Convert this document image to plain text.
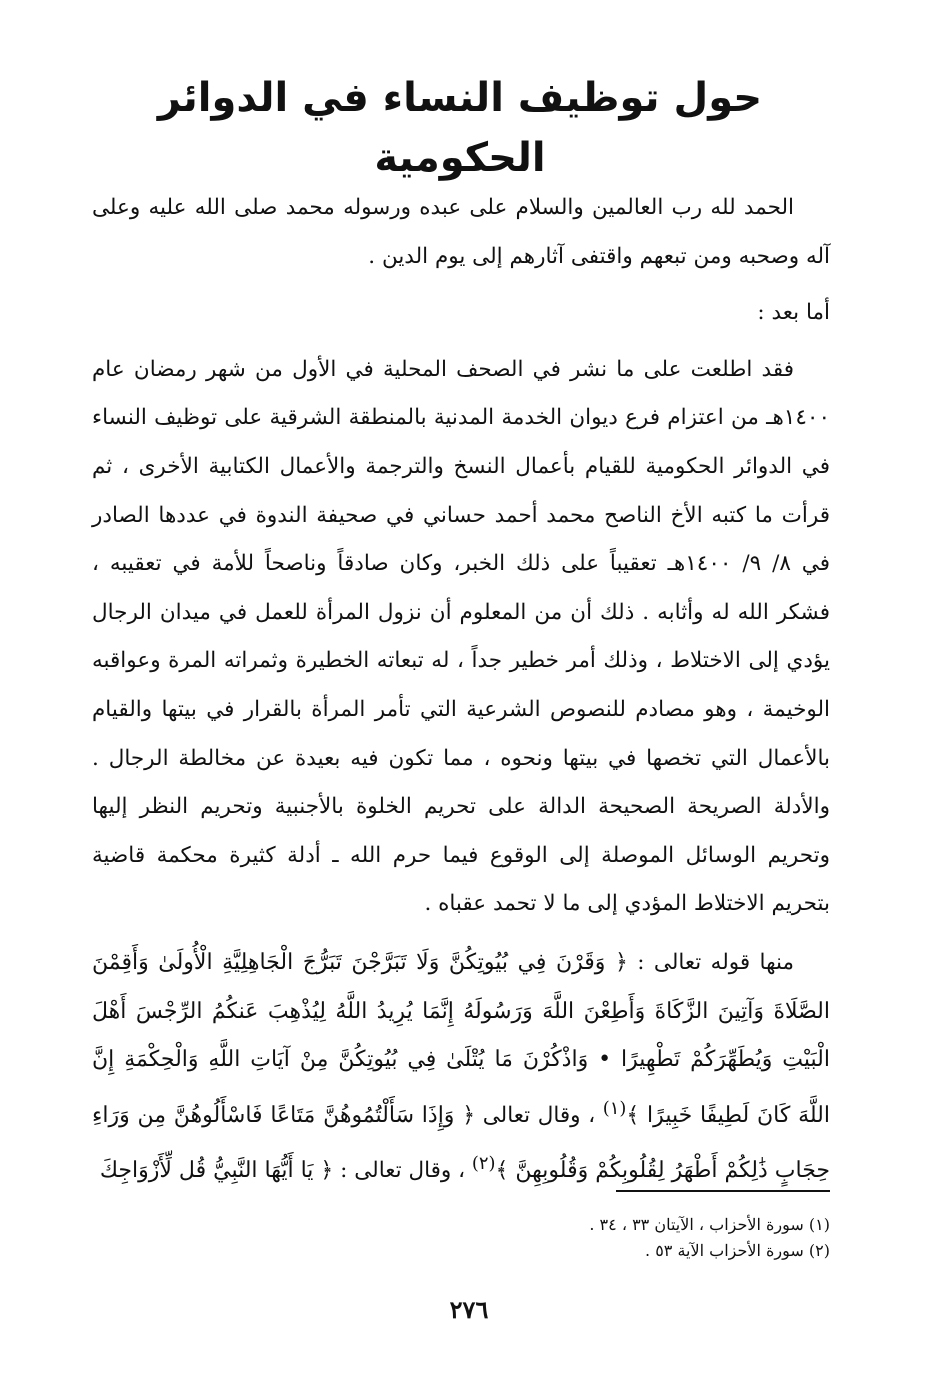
حول توظيف النساء في الدوائر الحكومية

الحمد لله رب العالمين والسلام على عبده ورسوله محمد صلى الله عليه وعلى آله وصحبه ومن تبعهم واقتفى آثارهم إلى يوم الدين .

أما بعد :

فقد اطلعت على ما نشر في الصحف المحلية في الأول من شهر رمضان عام ١٤٠٠هـ من اعتزام فرع ديوان الخدمة المدنية بالمنطقة الشرقية على توظيف النساء في الدوائر الحكومية للقيام بأعمال النسخ والترجمة والأعمال الكتابية الأخرى ، ثم قرأت ما كتبه الأخ الناصح محمد أحمد حساني في صحيفة الندوة في عددها الصادر في ٨/ ٩/ ١٤٠٠هـ تعقيباً على ذلك الخبر، وكان صادقاً وناصحاً للأمة في تعقيبه ، فشكر الله له وأثابه . ذلك أن من المعلوم أن نزول المرأة للعمل في ميدان الرجال يؤدي إلى الاختلاط ، وذلك أمر خطير جداً ، له تبعاته الخطيرة وثمراته المرة وعواقبه الوخيمة ، وهو مصادم للنصوص الشرعية التي تأمر المرأة بالقرار في بيتها والقيام بالأعمال التي تخصها في بيتها ونحوه ، مما تكون فيه بعيدة عن مخالطة الرجال . والأدلة الصريحة الصحيحة الدالة على تحريم الخلوة بالأجنبية وتحريم النظر إليها وتحريم الوسائل الموصلة إلى الوقوع فيما حرم الله ـ أدلة كثيرة محكمة قاضية بتحريم الاختلاط المؤدي إلى ما لا تحمد عقباه .

منها قوله تعالى : ﴿ وَقَرْنَ فِي بُيُوتِكُنَّ وَلَا تَبَرَّجْنَ تَبَرُّجَ الْجَاهِلِيَّةِ الْأُولَىٰ وَأَقِمْنَ الصَّلَاةَ وَآتِينَ الزَّكَاةَ وَأَطِعْنَ اللَّهَ وَرَسُولَهُ إِنَّمَا يُرِيدُ اللَّهُ لِيُذْهِبَ عَنكُمُ الرِّجْسَ أَهْلَ الْبَيْتِ وَيُطَهِّرَكُمْ تَطْهِيرًا • وَاذْكُرْنَ مَا يُتْلَىٰ فِي بُيُوتِكُنَّ مِنْ آيَاتِ اللَّهِ وَالْحِكْمَةِ إِنَّ اللَّهَ كَانَ لَطِيفًا خَبِيرًا ﴾$^{(١)}$ ، وقال تعالى ﴿ وَإِذَا سَأَلْتُمُوهُنَّ مَتَاعًا فَاسْأَلُوهُنَّ مِن وَرَاءِ حِجَابٍ ذَٰلِكُمْ أَطْهَرُ لِقُلُوبِكُمْ وَقُلُوبِهِنَّ ﴾$^{(٢)}$ ، وقال تعالى : ﴿ يَا أَيُّهَا النَّبِيُّ قُل لِّأَزْوَاجِكَ

(١) سورة الأحزاب ، الآيتان ٣٣ ، ٣٤ .
(٢) سورة الأحزاب الآية ٥٣ .
٢٧٦
